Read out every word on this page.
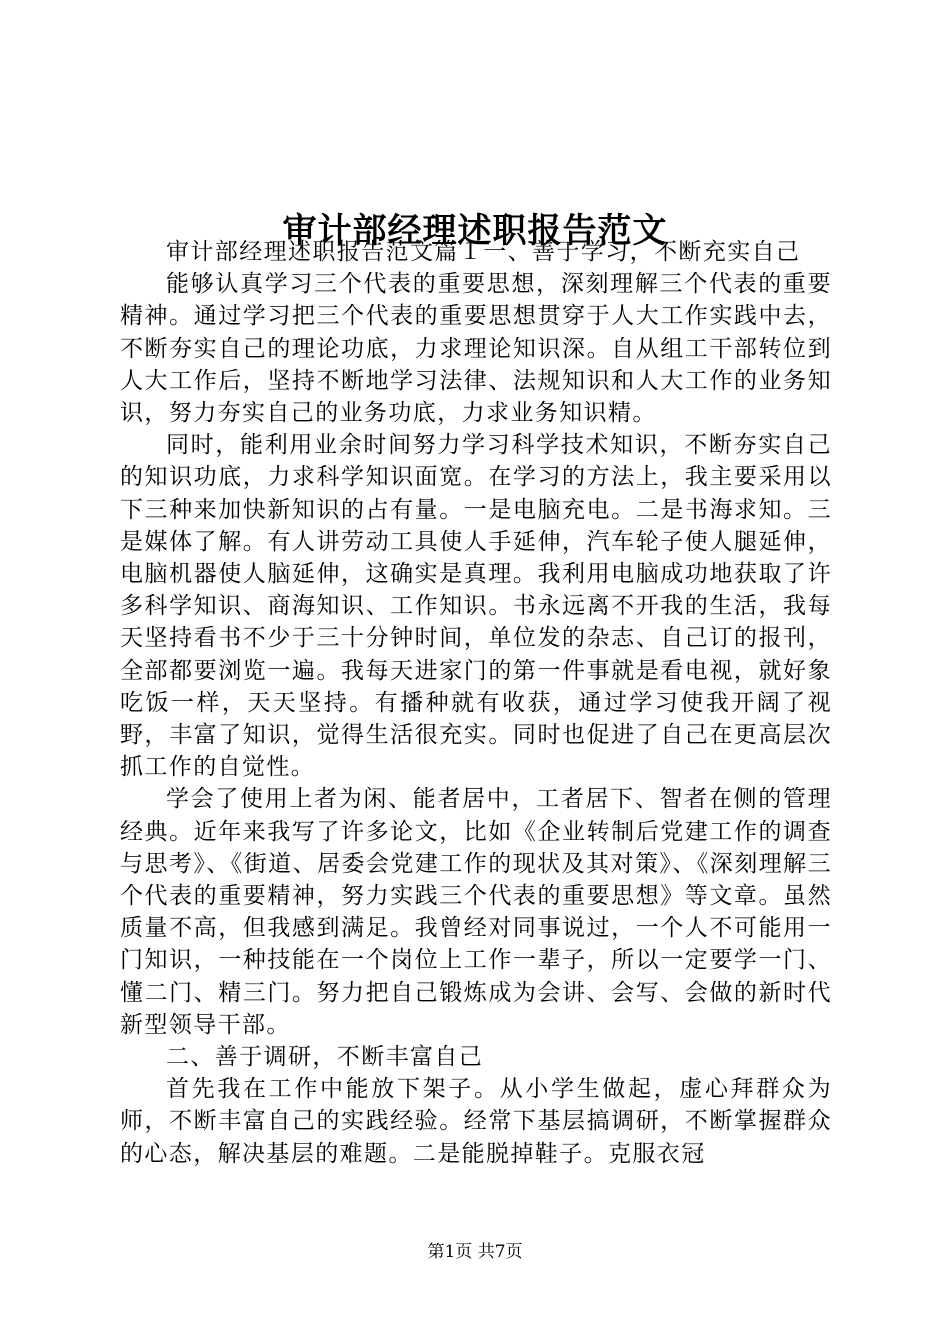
审计部经理述职报告范文

审计部经理述职报告范文篇１一、善于学习，不断充实自己

能够认真学习三个代表的重要思想，深刻理解三个代表的重要精神。通过学习把三个代表的重要思想贯穿于人大工作实践中去，不断夯实自己的理论功底，力求理论知识深。自从组工干部转位到人大工作后，坚持不断地学习法律、法规知识和人大工作的业务知识，努力夯实自己的业务功底，力求业务知识精。

同时，能利用业余时间努力学习科学技术知识，不断夯实自己的知识功底，力求科学知识面宽。在学习的方法上，我主要采用以下三种来加快新知识的占有量。一是电脑充电。二是书海求知。三是媒体了解。有人讲劳动工具使人手延伸，汽车轮子使人腿延伸，电脑机器使人脑延伸，这确实是真理。我利用电脑成功地获取了许多科学知识、商海知识、工作知识。书永远离不开我的生活，我每天坚持看书不少于三十分钟时间，单位发的杂志、自己订的报刊，全部都要浏览一遍。我每天进家门的第一件事就是看电视，就好象吃饭一样，天天坚持。有播种就有收获，通过学习使我开阔了视野，丰富了知识，觉得生活很充实。同时也促进了自己在更高层次抓工作的自觉性。

学会了使用上者为闲、能者居中，工者居下、智者在侧的管理经典。近年来我写了许多论文，比如《企业转制后党建工作的调查与思考》、《街道、居委会党建工作的现状及其对策》、《深刻理解三个代表的重要精神，努力实践三个代表的重要思想》等文章。虽然质量不高，但我感到满足。我曾经对同事说过，一个人不可能用一门知识，一种技能在一个岗位上工作一辈子，所以一定要学一门、懂二门、精三门。努力把自己锻炼成为会讲、会写、会做的新时代新型领导干部。

二、善于调研，不断丰富自己

首先我在工作中能放下架子。从小学生做起，虚心拜群众为师，不断丰富自己的实践经验。经常下基层搞调研，不断掌握群众的心态，解决基层的难题。二是能脱掉鞋子。克服衣冠

第1页 共7页
